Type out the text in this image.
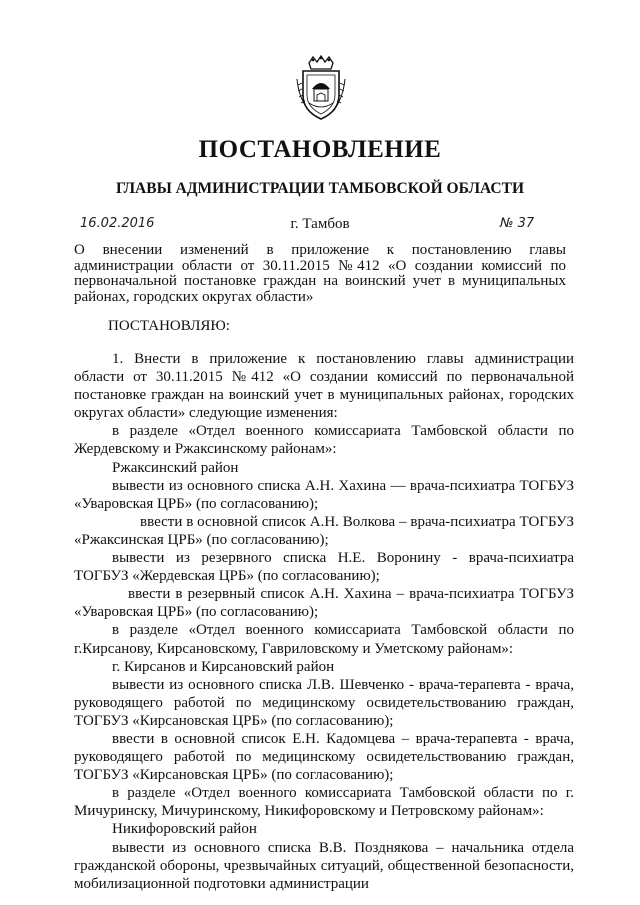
ПОСТАНОВЛЕНИЕ
ГЛАВЫ АДМИНИСТРАЦИИ ТАМБОВСКОЙ ОБЛАСТИ
16.02.2016	г. Тамбов	№ 37
О внесении изменений в приложение к постановлению главы администрации области от 30.11.2015 №412 «О создании комиссий по первоначальной постановке граждан на воинский учет в муниципальных районах, городских округах области»
ПОСТАНОВЛЯЮ:

1. Внести в приложение к постановлению главы администрации области от 30.11.2015 №412 «О создании комиссий по первоначальной постановке граждан на воинский учет в муниципальных районах, городских округах области» следующие изменения:

в разделе «Отдел военного комиссариата Тамбовской области по Жердевскому и Ржаксинскому районам»:

Ржаксинский район

вывести из основного списка А.Н. Хахина — врача-психиатра ТОГБУЗ «Уваровская ЦРБ» (по согласованию);

ввести в основной список А.Н. Волкова – врача-психиатра ТОГБУЗ «Ржаксинская ЦРБ» (по согласованию);

вывести из резервного списка Н.Е. Воронину - врача-психиатра ТОГБУЗ «Жердевская ЦРБ» (по согласованию);

ввести в резервный список А.Н. Хахина – врача-психиатра ТОГБУЗ «Уваровская ЦРБ» (по согласованию);

в разделе «Отдел военного комиссариата Тамбовской области по г.Кирсанову, Кирсановскому, Гавриловскому и Уметскому районам»:

г. Кирсанов и Кирсановский район

вывести из основного списка Л.В. Шевченко - врача-терапевта - врача, руководящего работой по медицинскому освидетельствованию граждан, ТОГБУЗ «Кирсановская ЦРБ» (по согласованию);

ввести в основной список Е.Н. Кадомцева – врача-терапевта - врача, руководящего работой по медицинскому освидетельствованию граждан, ТОГБУЗ «Кирсановская ЦРБ» (по согласованию);

в разделе «Отдел военного комиссариата Тамбовской области по г. Мичуринску, Мичуринскому, Никифоровскому и Петровскому районам»:

Никифоровский район

вывести из основного списка В.В. Позднякова – начальника отдела гражданской обороны, чрезвычайных ситуаций, общественной безопасности, мобилизационной подготовки администрации
